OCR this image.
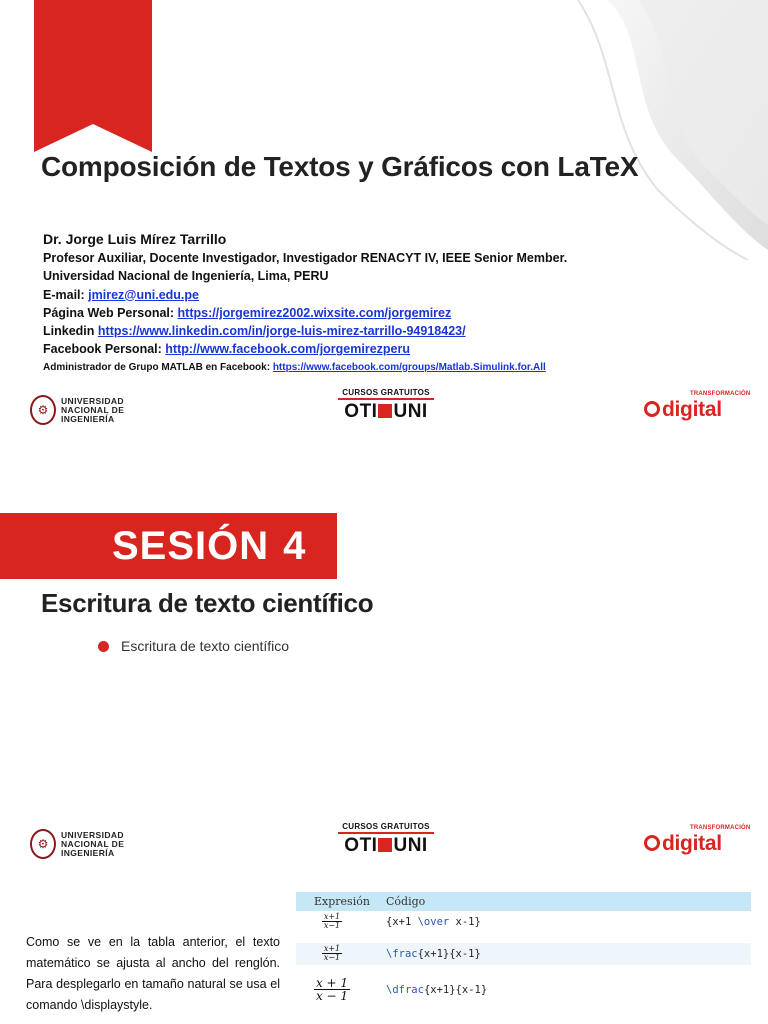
Composición de Textos y Gráficos con LaTeX
Dr. Jorge Luis Mírez Tarrillo
Profesor Auxiliar, Docente Investigador, Investigador RENACYT IV, IEEE Senior Member.
Universidad Nacional de Ingeniería, Lima, PERU
E-mail: jmirez@uni.edu.pe
Página Web Personal: https://jorgemirez2002.wixsite.com/jorgemirez
Linkedin https://www.linkedin.com/in/jorge-luis-mirez-tarrillo-94918423/
Facebook Personal: http://www.facebook.com/jorgemirezperu
Administrador de Grupo MATLAB en Facebook: https://www.facebook.com/groups/Matlab.Simulink.for.All
⚙
UNIVERSIDAD
NACIONAL DE
INGENIERÍA
CURSOS GRATUITOS
OTI UNI
TRANSFORMACIÓN
digital
SESIÓN 4
Escritura de texto científico
Escritura de texto científico
⚙
UNIVERSIDAD
NACIONAL DE
INGENIERÍA
CURSOS GRATUITOS
OTI UNI
TRANSFORMACIÓN
digital

Como se ve en la tabla anterior, el texto matemático se ajusta al ancho del renglón. Para desplegarlo en tamaño natural se usa el comando \displaystyle.

Expresión	Código
$\frac{x+1}{x-1}$	{x+1 \over x-1}
$\frac{x+1}{x-1}$	\frac{x+1}{x-1}
$\frac{x + 1}{x - 1}$	\dfrac{x+1}{x-1}
